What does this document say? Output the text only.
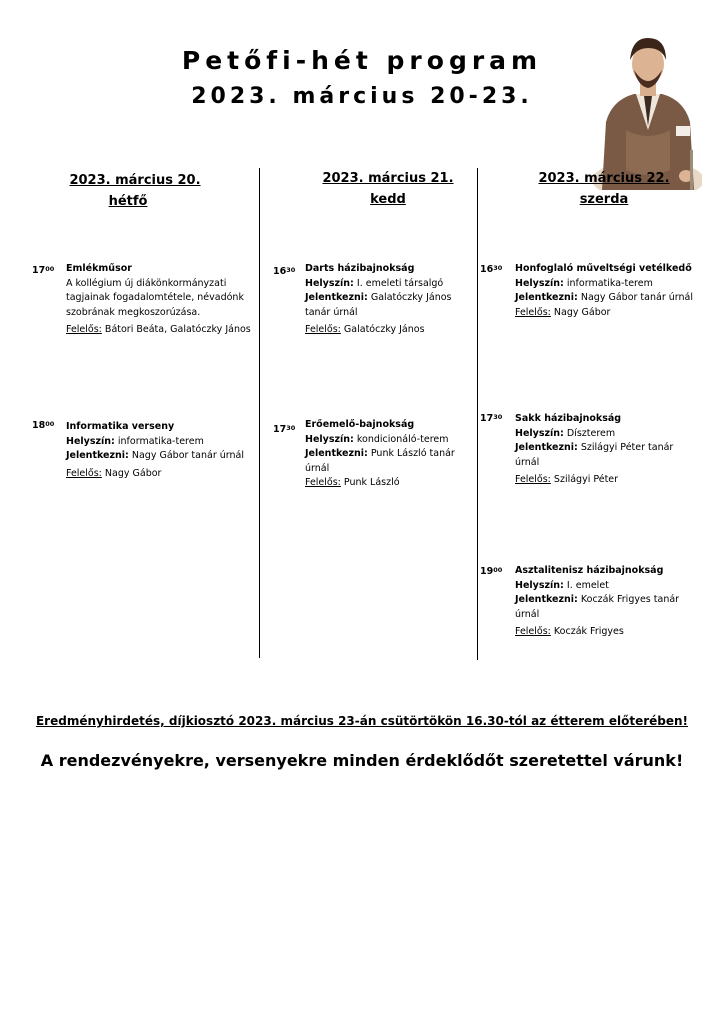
Petőfi-hét program
2023. március 20-23.
2023. március 20.
hétfő
2023. március 21.
kedd
2023. március 22.
szerda
$17^{00}$ Emlékműsor
A kollégium új diákönkormányzati tagjainak fogadalomtétele, névadónk szobrának megkoszorúzása.
Felelős: Bátori Beáta, Galatóczky János
$18^{00}$ Informatika verseny
Helyszín: informatika-terem
Jelentkezni: Nagy Gábor tanár úrnál
Felelős: Nagy Gábor
$16^{30}$ Darts házibajnokság
Helyszín: I. emeleti társalgó
Jelentkezni: Galatóczky János tanár úrnál
Felelős: Galatóczky János
$17^{30}$ Erőemelő-bajnokság
Helyszín: kondicionáló-terem
Jelentkezni: Punk László tanár úrnál
Felelős: Punk László
$16^{30}$ Honfoglaló műveltségi vetélkedő
Helyszín: informatika-terem
Jelentkezni: Nagy Gábor tanár úrnál
Felelős: Nagy Gábor
$17^{30}$ Sakk házibajnokság
Helyszín: Díszterem
Jelentkezni: Szilágyi Péter tanár úrnál
Felelős: Szilágyi Péter
$19^{00}$ Asztalitenisz házibajnokság
Helyszín: I. emelet
Jelentkezni: Koczák Frigyes tanár úrnál
Felelős: Koczák Frigyes
Eredményhirdetés, díjkiosztó 2023. március 23-án csütörtökön 16.30-tól az étterem előterében!
A rendezvényekre, versenyekre minden érdeklődőt szeretettel várunk!
